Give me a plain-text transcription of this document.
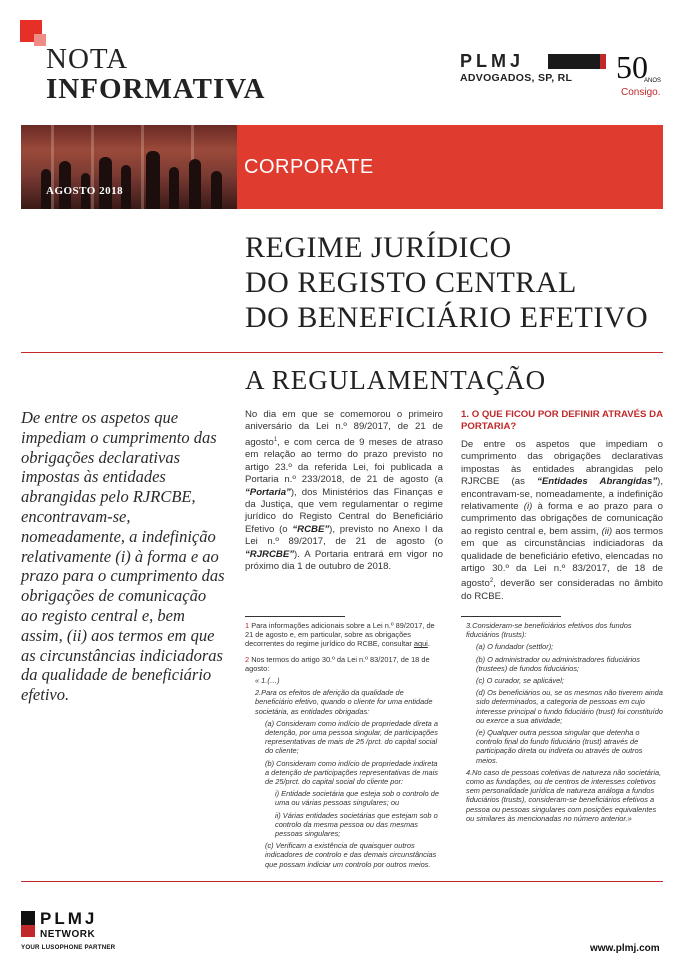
NOTA
INFORMATIVA
PLMJ
ADVOGADOS, SP, RL 50
ANOS
Consigo.
AGOSTO 2018
CORPORATE
REGIME JURÍDICO
DO REGISTO CENTRAL
DO BENEFICIÁRIO EFETIVO
A REGULAMENTAÇÃO
De entre os aspetos que impediam o cumprimento das obrigações declarativas impostas às entidades abrangidas pelo RJRCBE, encontravam-se, nomeadamente, a indefinição relativamente (i) à forma e ao prazo para o cumprimento das obrigações de comunicação ao registo central e, bem assim, (ii) aos termos em que as circunstâncias indiciadoras da qualidade de beneficiário efetivo.
No dia em que se comemorou o primeiro aniversário da Lei n.º 89/2017, de 21 de agosto$^1$, e com cerca de 9 meses de atraso em relação ao termo do prazo previsto no artigo 23.º da referida Lei, foi publicada a Portaria n.º 233/2018, de 21 de agosto (a “Portaria”), dos Ministérios das Finanças e da Justiça, que vem regulamentar o regime jurídico do Registo Central do Beneficiário Efetivo (o “RCBE”), previsto no Anexo I da Lei n.º 89/2017, de 21 de agosto (o “RJRCBE”). A Portaria entrará em vigor no próximo dia 1 de outubro de 2018.
1. O QUE FICOU POR DEFINIR ATRAVÉS DA PORTARIA?
De entre os aspetos que impediam o cumprimento das obrigações declarativas impostas às entidades abrangidas pelo RJRCBE (as “Entidades Abrangidas”), encontravam-se, nomeadamente, a indefinição relativamente (i) à forma e ao prazo para o cumprimento das obrigações de comunicação ao registo central e, bem assim, (ii) aos termos em que as circunstâncias indiciadoras da qualidade de beneficiário efetivo, elencadas no artigo 30.º da Lei n.º 83/2017, de 18 de agosto$^2$, deverão ser consideradas no âmbito do RCBE.

1 Para informações adicionais sobre a Lei n.º 89/2017, de 21 de agosto e, em particular, sobre as obrigações decorrentes do regime jurídico do RCBE, consultar aqui.

2 Nos termos do artigo 30.º da Lei n.º 83/2017, de 18 de agosto:

« 1.(…)

2.Para os efeitos de aferição da qualidade de beneficiário efetivo, quando o cliente for uma entidade societária, as entidades obrigadas:

(a) Consideram como indício de propriedade direta a detenção, por uma pessoa singular, de participações representativas de mais de 25 /prct. do capital social do cliente;

(b) Consideram como indício de propriedade indireta a detenção de participações representativas de mais de 25/prct. do capital social do cliente por:

i) Entidade societária que esteja sob o controlo de uma ou várias pessoas singulares; ou

ii) Várias entidades societárias que estejam sob o controlo da mesma pessoa ou das mesmas pessoas singulares;

(c) Verificam a existência de quaisquer outros indicadores de controlo e das demais circunstâncias que possam indiciar um controlo por outros meios.

3.Consideram-se beneficiários efetivos dos fundos fiduciários (trusts):

(a) O fundador (settlor);

(b) O administrador ou administradores fiduciários (trustees) de fundos fiduciários;

(c) O curador, se aplicável;

(d) Os beneficiários ou, se os mesmos não tiverem ainda sido determinados, a categoria de pessoas em cujo interesse principal o fundo fiduciário (trust) foi constituído ou exerce a sua atividade;

(e) Qualquer outra pessoa singular que detenha o controlo final do fundo fiduciário (trust) através de participação direta ou indireta ou através de outros meios.

4.No caso de pessoas coletivas de natureza não societária, como as fundações, ou de centros de interesses coletivos sem personalidade jurídica de natureza análoga a fundos fiduciários (trusts), consideram-se beneficiários efetivos a pessoa ou pessoas singulares com posições equivalentes ou similares às mencionadas no número anterior.»

PLMJ
NETWORK
YOUR LUSOPHONE PARTNER	www.plmj.com
